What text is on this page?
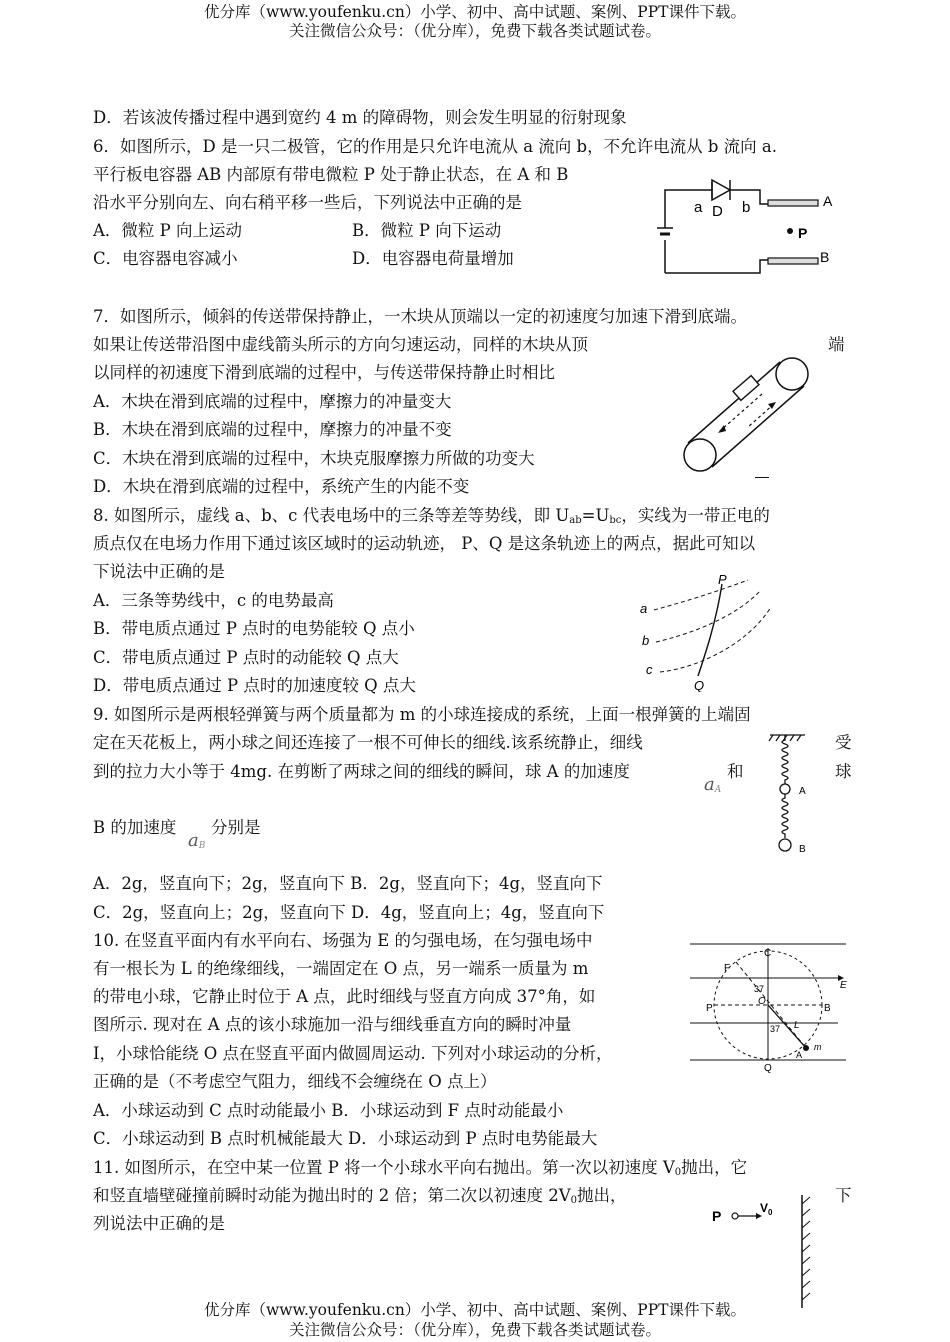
优分库（www.youfenku.cn）小学、初中、高中试题、案例、PPT课件下载。
关注微信公众号：（优分库），免费下载各类试题试卷。
D．若该波传播过程中遇到宽约 4 m 的障碍物，则会发生明显的衍射现象
6．如图所示，D 是一只二极管，它的作用是只允许电流从 a 流向 b，不允许电流从 b 流向 a.
平行板电容器 AB 内部原有带电微粒 P 处于静止状态，在 A 和 B
沿水平分别向左、向右稍平移一些后，下列说法中正确的是
A．微粒 P 向上运动	B．微粒 P 向下运动
C．电容器电容减小	D．电容器电荷量增加
a D b	A
P
B
7．如图所示，倾斜的传送带保持静止，一木块从顶端以一定的初速度匀加速下滑到底端。
如果让传送带沿图中虚线箭头所示的方向匀速运动，同样的木块从顶	端
以同样的初速度下滑到底端的过程中，与传送带保持静止时相比
A．木块在滑到底端的过程中，摩擦力的冲量变大
B．木块在滑到底端的过程中，摩擦力的冲量不变
C．木块在滑到底端的过程中，木块克服摩擦力所做的功变大
D．木块在滑到底端的过程中，系统产生的内能不变
—
8. 如图所示，虚线 a、b、c 代表电场中的三条等差等势线，即 $U_{ab}=U_{bc}$，实线为一带正电的
质点仅在电场力作用下通过该区域时的运动轨迹， P、Q 是这条轨迹上的两点，据此可知以
下说法中正确的是
A．三条等势线中，c 的电势最高
B．带电质点通过 P 点时的电势能较 Q 点小
C．带电质点通过 P 点时的动能较 Q 点大
D．带电质点通过 P 点时的加速度较 Q 点大
P
a
b
c
Q
9. 如图所示是两根轻弹簧与两个质量都为 m 的小球连接成的系统，上面一根弹簧的上端固
定在天花板上，两小球之间还连接了一根不可伸长的细线.该系统静止，细线	受
到的拉力大小等于 4mg. 在剪断了两球之间的细线的瞬间，球 A 的加速度	和	球
$a_A$
B 的加速度
$a_B$
分别是
A．2g，竖直向下；2g，竖直向下 B．2g，竖直向下；4g，竖直向下
C．2g，竖直向上；2g，竖直向下 D．4g，竖直向上；4g，竖直向下
A
B
10. 在竖直平面内有水平向右、场强为 E 的匀强电场，在匀强电场中
有一根长为 L 的绝缘细线，一端固定在 O 点，另一端系一质量为 m
的带电小球，它静止时位于 A 点，此时细线与竖直方向成 37°角，如
图所示. 现对在 A 点的该小球施加一沿与细线垂直方向的瞬时冲量
I，小球恰能绕 O 点在竖直平面内做圆周运动. 下列对小球运动的分析，
正确的是（不考虑空气阻力，细线不会缠绕在 O 点上）
A．小球运动到 C 点时动能最小 B．小球运动到 F 点时动能最小
C．小球运动到 B 点时机械能最大 D．小球运动到 P 点时电势能最大
C
F
E
P
O
B
37
37 L
m
A
Q
11. 如图所示，在空中某一位置 P 将一个小球水平向右抛出。第一次以初速度 $V_0$抛出，它
和竖直墙壁碰撞前瞬时动能为抛出时的 2 倍；第二次以初速度 $2V_0$抛出，	下
列说法中正确的是	P	$V_0$
优分库（www.youfenku.cn）小学、初中、高中试题、案例、PPT课件下载。
关注微信公众号：（优分库），免费下载各类试题试卷。
